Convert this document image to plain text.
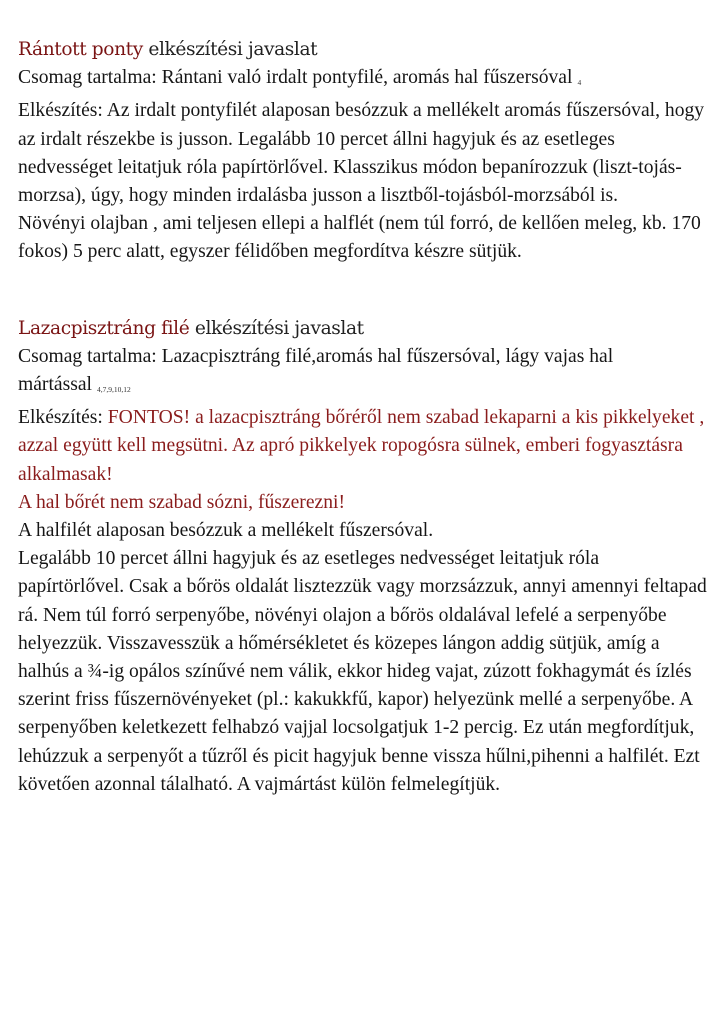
Rántott ponty elkészítési javaslat

Csomag tartalma: Rántani való irdalt pontyfilé, aromás hal fűszersóval 4

Elkészítés: Az irdalt pontyfilét alaposan besózzuk a mellékelt aromás fűszersóval, hogy az irdalt részekbe is jusson. Legalább 10 percet állni hagyjuk és az esetleges nedvességet leitatjuk róla papírtörlővel. Klasszikus módon bepanírozzuk (liszt-tojás-morzsa), úgy, hogy minden irdalásba jusson a lisztből-tojásból-morzsából is.

Növényi olajban , ami teljesen ellepi a halflét (nem túl forró, de kellően meleg, kb. 170 fokos) 5 perc alatt, egyszer félidőben megfordítva készre sütjük.

Lazacpisztráng filé elkészítési javaslat

Csomag tartalma: Lazacpisztráng filé,aromás hal fűszersóval, lágy vajas hal mártással 4,7,9,10,12

Elkészítés: FONTOS! a lazacpisztráng bőréről nem szabad lekaparni a kis pikkelyeket , azzal együtt kell megsütni. Az apró pikkelyek ropogósra sülnek, emberi fogyasztásra alkalmasak!

A hal bőrét nem szabad sózni, fűszerezni!

A halfilét alaposan besózzuk a mellékelt fűszersóval.

Legalább 10 percet állni hagyjuk és az esetleges nedvességet leitatjuk róla papírtörlővel. Csak a bőrös oldalát lisztezzük vagy morzsázzuk, annyi amennyi feltapad rá. Nem túl forró serpenyőbe, növényi olajon a bőrös oldalával lefelé a serpenyőbe helyezzük. Visszavesszük a hőmérsékletet és közepes lángon addig sütjük, amíg a halhús a ¾-ig opálos színűvé nem válik, ekkor hideg vajat, zúzott fokhagymát és ízlés szerint friss fűszernövényeket (pl.: kakukkfű, kapor) helyezünk mellé a serpenyőbe. A serpenyőben keletkezett felhabzó vajjal locsolgatjuk 1-2 percig. Ez után megfordítjuk, lehúzzuk a serpenyőt a tűzről és picit hagyjuk benne vissza hűlni,pihenni a halfilét. Ezt követően azonnal tálalható. A vajmártást külön felmelegítjük.
